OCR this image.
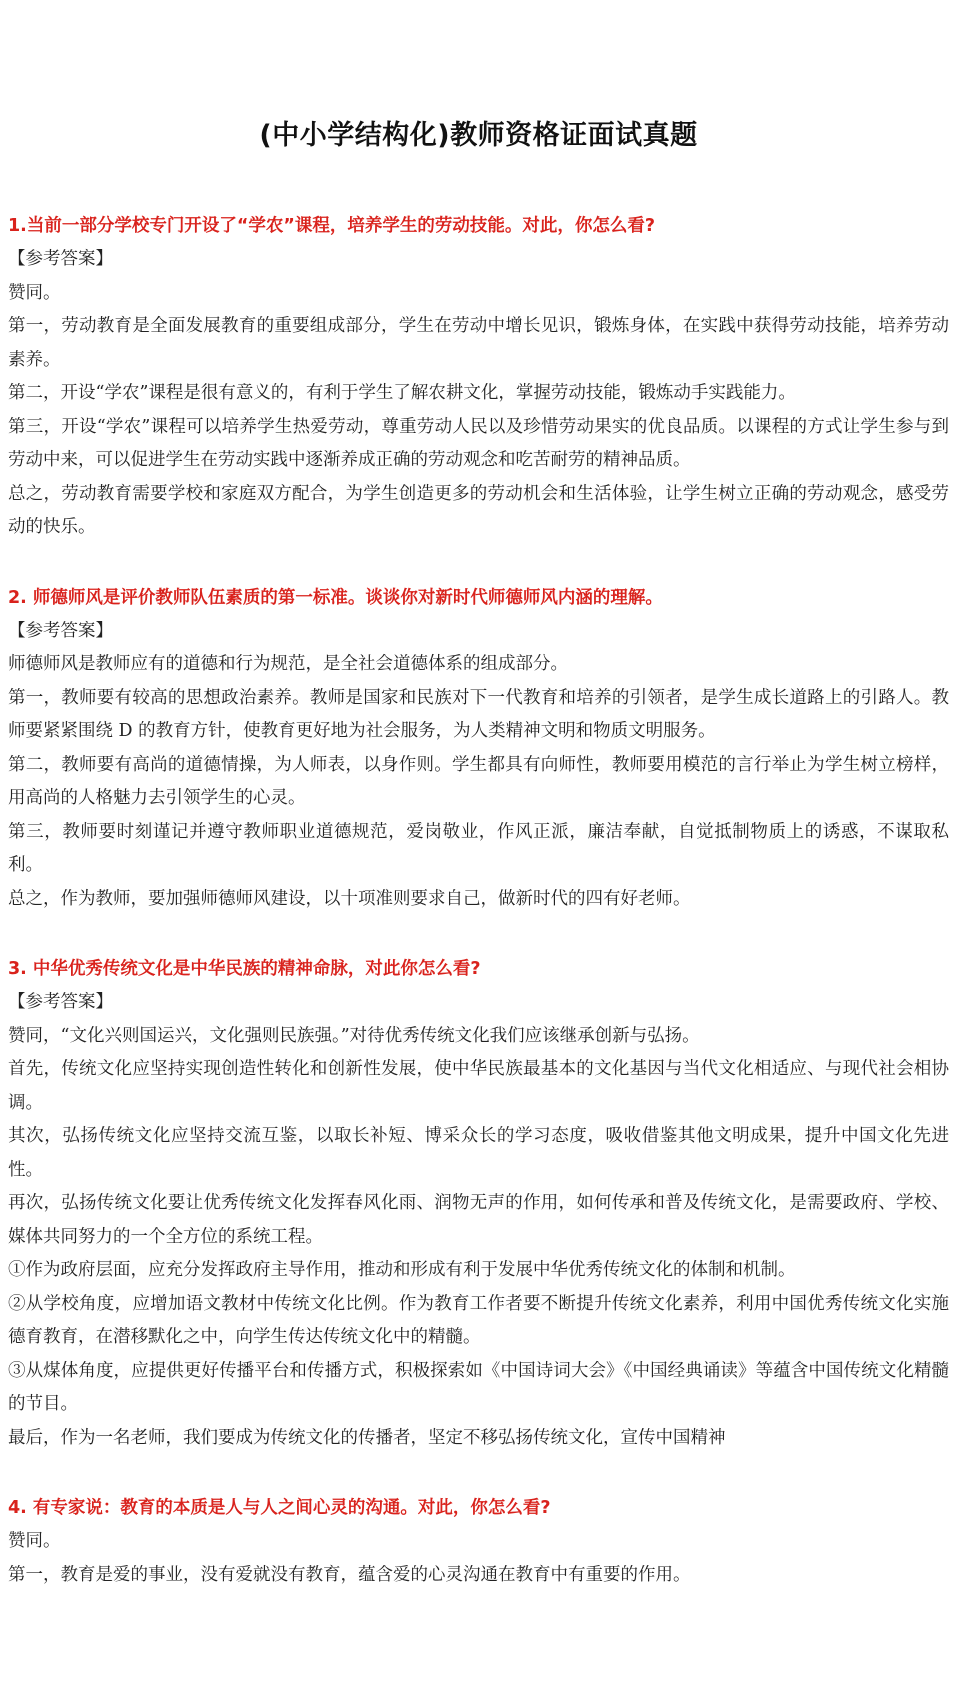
(中小学结构化)教师资格证面试真题

1.当前一部分学校专门开设了“学农”课程，培养学生的劳动技能。对此，你怎么看?

【参考答案】

赞同。

第一，劳动教育是全面发展教育的重要组成部分，学生在劳动中增长见识，锻炼身体，在实践中获得劳动技能，培养劳动素养。

第二，开设“学农”课程是很有意义的，有利于学生了解农耕文化，掌握劳动技能，锻炼动手实践能力。

第三，开设“学农”课程可以培养学生热爱劳动，尊重劳动人民以及珍惜劳动果实的优良品质。以课程的方式让学生参与到劳动中来，可以促进学生在劳动实践中逐渐养成正确的劳动观念和吃苦耐劳的精神品质。

总之，劳动教育需要学校和家庭双方配合，为学生创造更多的劳动机会和生活体验，让学生树立正确的劳动观念，感受劳动的快乐。

2. 师德师风是评价教师队伍素质的第一标准。谈谈你对新时代师德师风内涵的理解。

【参考答案】

师德师风是教师应有的道德和行为规范，是全社会道德体系的组成部分。

第一，教师要有较高的思想政治素养。教师是国家和民族对下一代教育和培养的引领者，是学生成长道路上的引路人。教师要紧紧围绕 D 的教育方针，使教育更好地为社会服务，为人类精神文明和物质文明服务。

第二，教师要有高尚的道德情操，为人师表，以身作则。学生都具有向师性，教师要用模范的言行举止为学生树立榜样，用高尚的人格魅力去引领学生的心灵。

第三，教师要时刻谨记并遵守教师职业道德规范，爱岗敬业，作风正派，廉洁奉献，自觉抵制物质上的诱惑，不谋取私利。

总之，作为教师，要加强师德师风建设，以十项准则要求自己，做新时代的四有好老师。

3. 中华优秀传统文化是中华民族的精神命脉，对此你怎么看?

【参考答案】

赞同，“文化兴则国运兴，文化强则民族强。”对待优秀传统文化我们应该继承创新与弘扬。

首先，传统文化应坚持实现创造性转化和创新性发展，使中华民族最基本的文化基因与当代文化相适应、与现代社会相协调。

其次，弘扬传统文化应坚持交流互鉴，以取长补短、博采众长的学习态度，吸收借鉴其他文明成果，提升中国文化先进性。

再次，弘扬传统文化要让优秀传统文化发挥春风化雨、润物无声的作用，如何传承和普及传统文化，是需要政府、学校、媒体共同努力的一个全方位的系统工程。

①作为政府层面，应充分发挥政府主导作用，推动和形成有利于发展中华优秀传统文化的体制和机制。

②从学校角度，应增加语文教材中传统文化比例。作为教育工作者要不断提升传统文化素养，利用中国优秀传统文化实施德育教育，在潜移默化之中，向学生传达传统文化中的精髓。

③从煤体角度，应提供更好传播平台和传播方式，积极探索如《中国诗词大会》《中国经典诵读》等蕴含中国传统文化精髓的节目。

最后，作为一名老师，我们要成为传统文化的传播者，坚定不移弘扬传统文化，宣传中国精神

4. 有专家说：教育的本质是人与人之间心灵的沟通。对此，你怎么看?

赞同。

第一，教育是爱的事业，没有爱就没有教育，蕴含爱的心灵沟通在教育中有重要的作用。
